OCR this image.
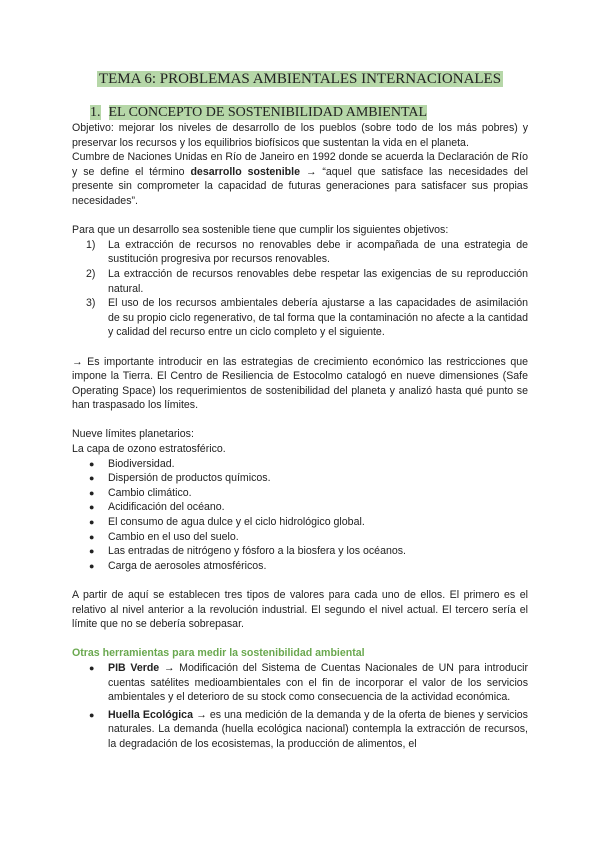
TEMA 6: PROBLEMAS AMBIENTALES INTERNACIONALES
1. EL CONCEPTO DE SOSTENIBILIDAD AMBIENTAL

Objetivo: mejorar los niveles de desarrollo de los pueblos (sobre todo de los más pobres) y preservar los recursos y los equilibrios biofísicos que sustentan la vida en el planeta.

Cumbre de Naciones Unidas en Río de Janeiro en 1992 donde se acuerda la Declaración de Río y se define el término desarrollo sostenible → “aquel que satisface las necesidades del presente sin comprometer la capacidad de futuras generaciones para satisfacer sus propias necesidades”.

Para que un desarrollo sea sostenible tiene que cumplir los siguientes objetivos:

1) La extracción de recursos no renovables debe ir acompañada de una estrategia de sustitución progresiva por recursos renovables.
2) La extracción de recursos renovables debe respetar las exigencias de su reproducción natural.
3) El uso de los recursos ambientales debería ajustarse a las capacidades de asimilación de su propio ciclo regenerativo, de tal forma que la contaminación no afecte a la cantidad y calidad del recurso entre un ciclo completo y el siguiente.

→ Es importante introducir en las estrategias de crecimiento económico las restricciones que impone la Tierra. El Centro de Resiliencia de Estocolmo catalogó en nueve dimensiones (Safe Operating Space) los requerimientos de sostenibilidad del planeta y analizó hasta qué punto se han traspasado los límites.

Nueve límites planetarios:

La capa de ozono estratosférico.

● Biodiversidad.
● Dispersión de productos químicos.
● Cambio climático.
● Acidificación del océano.
● El consumo de agua dulce y el ciclo hidrológico global.
● Cambio en el uso del suelo.
● Las entradas de nitrógeno y fósforo a la biosfera y los océanos.
● Carga de aerosoles atmosféricos.

A partir de aquí se establecen tres tipos de valores para cada uno de ellos. El primero es el relativo al nivel anterior a la revolución industrial. El segundo el nivel actual. El tercero sería el límite que no se debería sobrepasar.

Otras herramientas para medir la sostenibilidad ambiental

● PIB Verde → Modificación del Sistema de Cuentas Nacionales de UN para introducir cuentas satélites medioambientales con el fin de incorporar el valor de los servicios ambientales y el deterioro de su stock como consecuencia de la actividad económica.
● Huella Ecológica → es una medición de la demanda y de la oferta de bienes y servicios naturales. La demanda (huella ecológica nacional) contempla la extracción de recursos, la degradación de los ecosistemas, la producción de alimentos, el
